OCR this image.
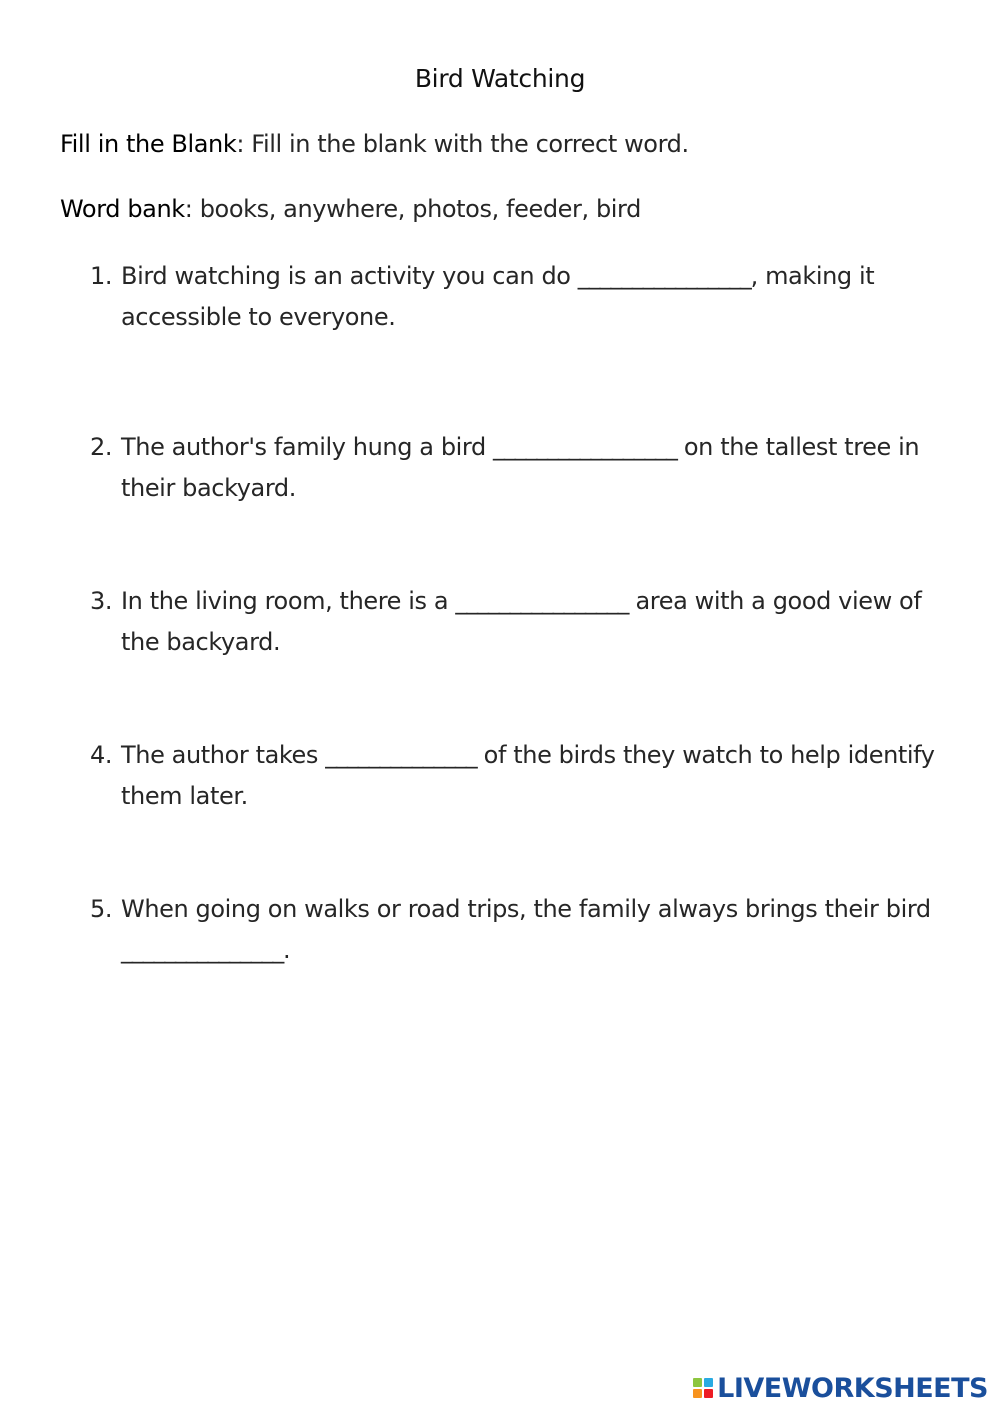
Bird Watching
Fill in the Blank: Fill in the blank with the correct word.
Word bank: books, anywhere, photos, feeder, bird
1. Bird watching is an activity you can do ________________, making it accessible to everyone.
2. The author's family hung a bird _________________ on the tallest tree in their backyard.
3. In the living room, there is a ________________ area with a good view of the backyard.
4. The author takes ______________ of the birds they watch to help identify them later.
5. When going on walks or road trips, the family always brings their bird _______________.
LIVEWORKSHEETS
